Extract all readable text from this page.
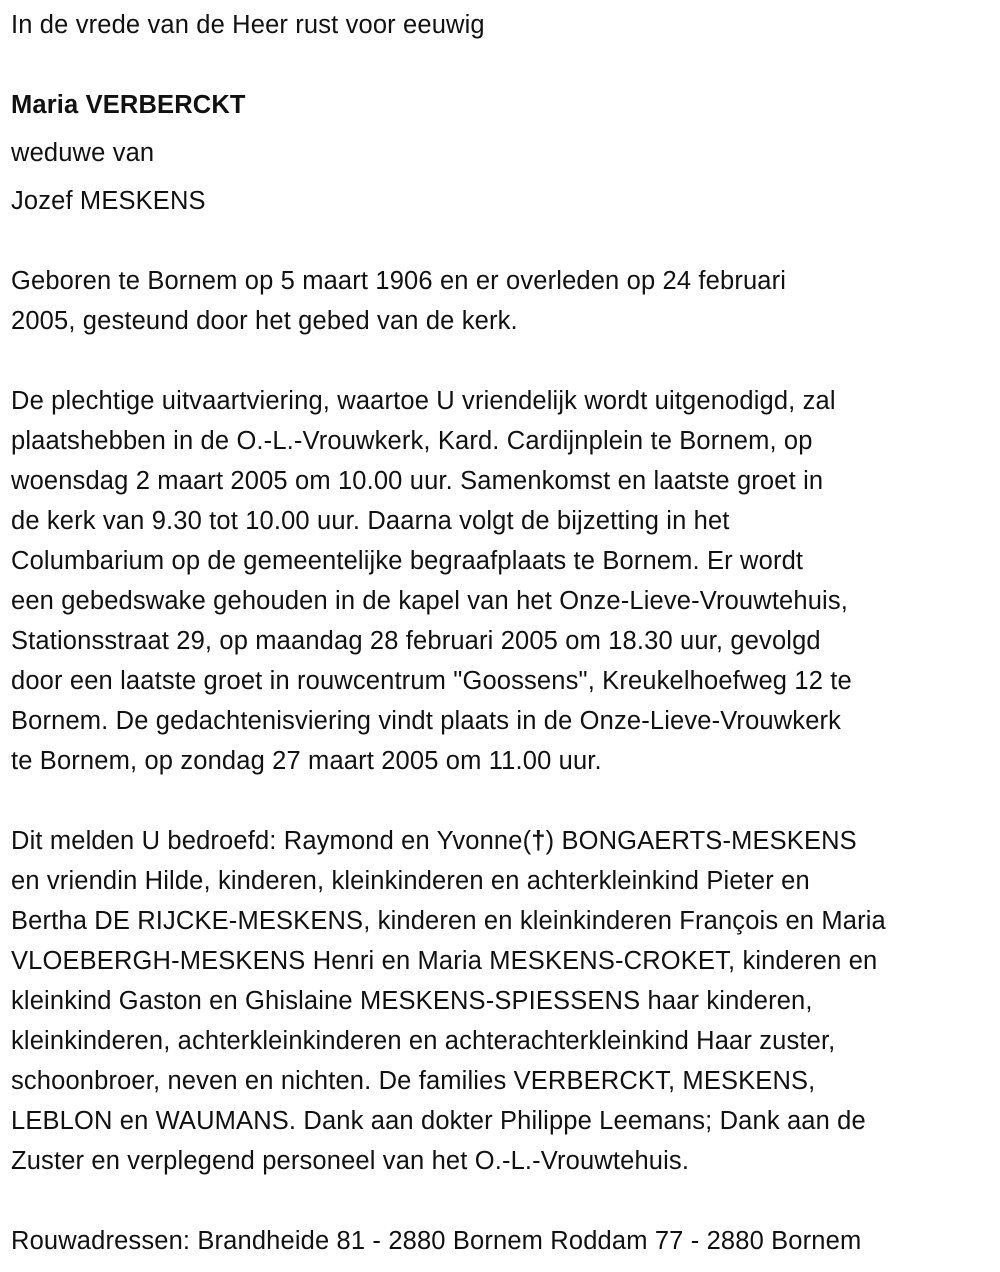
In de vrede van de Heer rust voor eeuwig
Maria VERBERCKT
weduwe van
Jozef MESKENS
Geboren te Bornem op 5 maart 1906 en er overleden op 24 februari
2005, gesteund door het gebed van de kerk.
De plechtige uitvaartviering, waartoe U vriendelijk wordt uitgenodigd, zal
plaatshebben in de O.-L.-Vrouwkerk, Kard. Cardijnplein te Bornem, op
woensdag 2 maart 2005 om 10.00 uur. Samenkomst en laatste groet in
de kerk van 9.30 tot 10.00 uur. Daarna volgt de bijzetting in het
Columbarium op de gemeentelijke begraafplaats te Bornem. Er wordt
een gebedswake gehouden in de kapel van het Onze-Lieve-Vrouwtehuis,
Stationsstraat 29, op maandag 28 februari 2005 om 18.30 uur, gevolgd
door een laatste groet in rouwcentrum "Goossens", Kreukelhoefweg 12 te
Bornem. De gedachtenisviering vindt plaats in de Onze-Lieve-Vrouwkerk
te Bornem, op zondag 27 maart 2005 om 11.00 uur.
Dit melden U bedroefd: Raymond en Yvonne(†) BONGAERTS-MESKENS
en vriendin Hilde, kinderen, kleinkinderen en achterkleinkind Pieter en
Bertha DE RIJCKE-MESKENS, kinderen en kleinkinderen François en Maria
VLOEBERGH-MESKENS Henri en Maria MESKENS-CROKET, kinderen en
kleinkind Gaston en Ghislaine MESKENS-SPIESSENS haar kinderen,
kleinkinderen, achterkleinkinderen en achterachterkleinkind Haar zuster,
schoonbroer, neven en nichten. De families VERBERCKT, MESKENS,
LEBLON en WAUMANS. Dank aan dokter Philippe Leemans; Dank aan de
Zuster en verplegend personeel van het O.-L.-Vrouwtehuis.
Rouwadressen: Brandheide 81 - 2880 Bornem Roddam 77 - 2880 Bornem
